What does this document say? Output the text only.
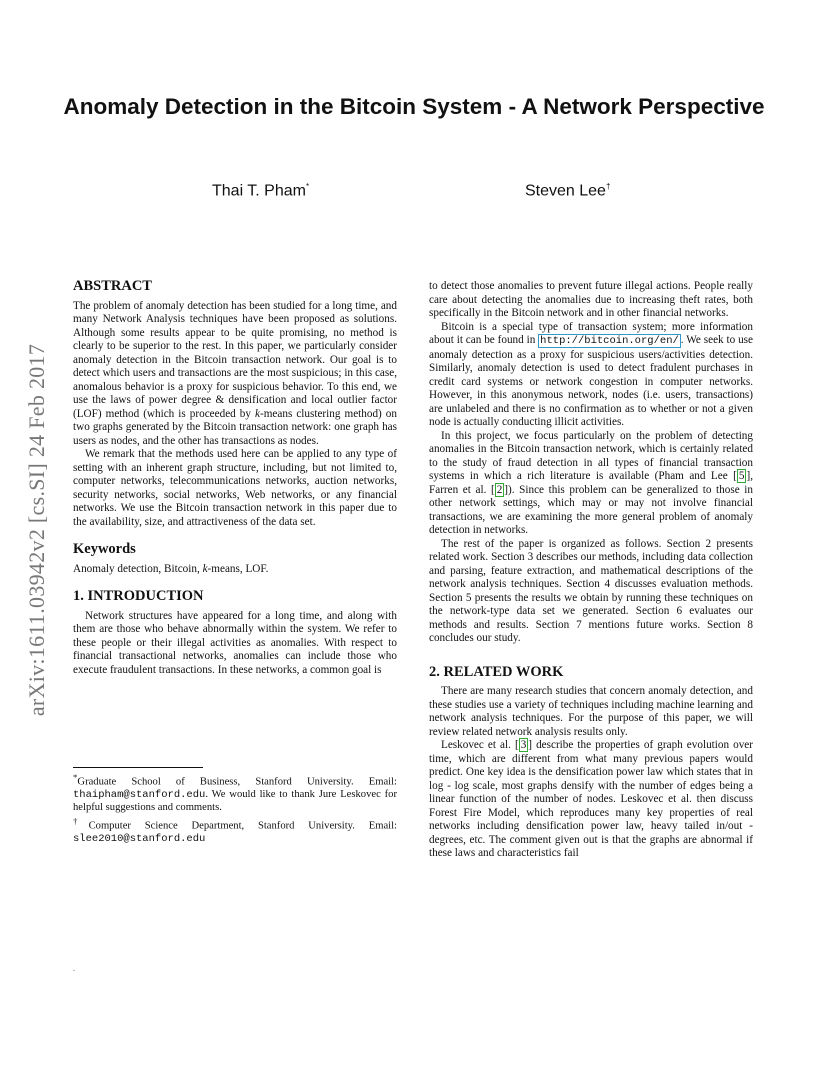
Anomaly Detection in the Bitcoin System - A Network Perspective
Thai T. Pham*	Steven Lee†
arXiv:1611.03942v2 [cs.SI] 24 Feb 2017
ABSTRACT

The problem of anomaly detection has been studied for a long time, and many Network Analysis techniques have been proposed as solutions. Although some results appear to be quite promising, no method is clearly to be superior to the rest. In this paper, we particularly consider anomaly detection in the Bitcoin transaction network. Our goal is to detect which users and transactions are the most suspicious; in this case, anomalous behavior is a proxy for suspicious behavior. To this end, we use the laws of power degree & densification and local outlier factor (LOF) method (which is proceeded by k-means clustering method) on two graphs generated by the Bitcoin transaction network: one graph has users as nodes, and the other has transactions as nodes.

We remark that the methods used here can be applied to any type of setting with an inherent graph structure, including, but not limited to, computer networks, telecommunications networks, auction networks, security networks, social networks, Web networks, or any financial networks. We use the Bitcoin transaction network in this paper due to the availability, size, and attractiveness of the data set.

Keywords

Anomaly detection, Bitcoin, k-means, LOF.

1. INTRODUCTION

Network structures have appeared for a long time, and along with them are those who behave abnormally within the system. We refer to these people or their illegal activities as anomalies. With respect to financial transactional networks, anomalies can include those who execute fraudulent transactions. In these networks, a common goal is

*Graduate School of Business, Stanford University. Email: thaipham@stanford.edu. We would like to thank Jure Leskovec for helpful suggestions and comments.

†Computer Science Department, Stanford University. Email: slee2010@stanford.edu

.

to detect those anomalies to prevent future illegal actions. People really care about detecting the anomalies due to increasing theft rates, both specifically in the Bitcoin network and in other financial networks.

Bitcoin is a special type of transaction system; more information about it can be found in http://bitcoin.org/en/ . We seek to use anomaly detection as a proxy for suspicious users/activities detection. Similarly, anomaly detection is used to detect fradulent purchases in credit card systems or network congestion in computer networks. However, in this anonymous network, nodes (i.e. users, transactions) are unlabeled and there is no confirmation as to whether or not a given node is actually conducting illicit activities.

In this project, we focus particularly on the problem of detecting anomalies in the Bitcoin transaction network, which is certainly related to the study of fraud detection in all types of financial transaction systems in which a rich literature is available (Pham and Lee [ 5 ], Farren et al. [ 2 ]). Since this problem can be generalized to those in other network settings, which may or may not involve financial transactions, we are examining the more general problem of anomaly detection in networks.

The rest of the paper is organized as follows. Section 2 presents related work. Section 3 describes our methods, including data collection and parsing, feature extraction, and mathematical descriptions of the network analysis techniques. Section 4 discusses evaluation methods. Section 5 presents the results we obtain by running these techniques on the network-type data set we generated. Section 6 evaluates our methods and results. Section 7 mentions future works. Section 8 concludes our study.

2. RELATED WORK

There are many research studies that concern anomaly detection, and these studies use a variety of techniques including machine learning and network analysis techniques. For the purpose of this paper, we will review related network analysis results only.

Leskovec et al. [ 3 ] describe the properties of graph evolution over time, which are different from what many previous papers would predict. One key idea is the densification power law which states that in log - log scale, most graphs densify with the number of edges being a linear function of the number of nodes. Leskovec et al. then discuss Forest Fire Model, which reproduces many key properties of real networks including densification power law, heavy tailed in/out - degrees, etc. The comment given out is that the graphs are abnormal if these laws and characteristics fail
